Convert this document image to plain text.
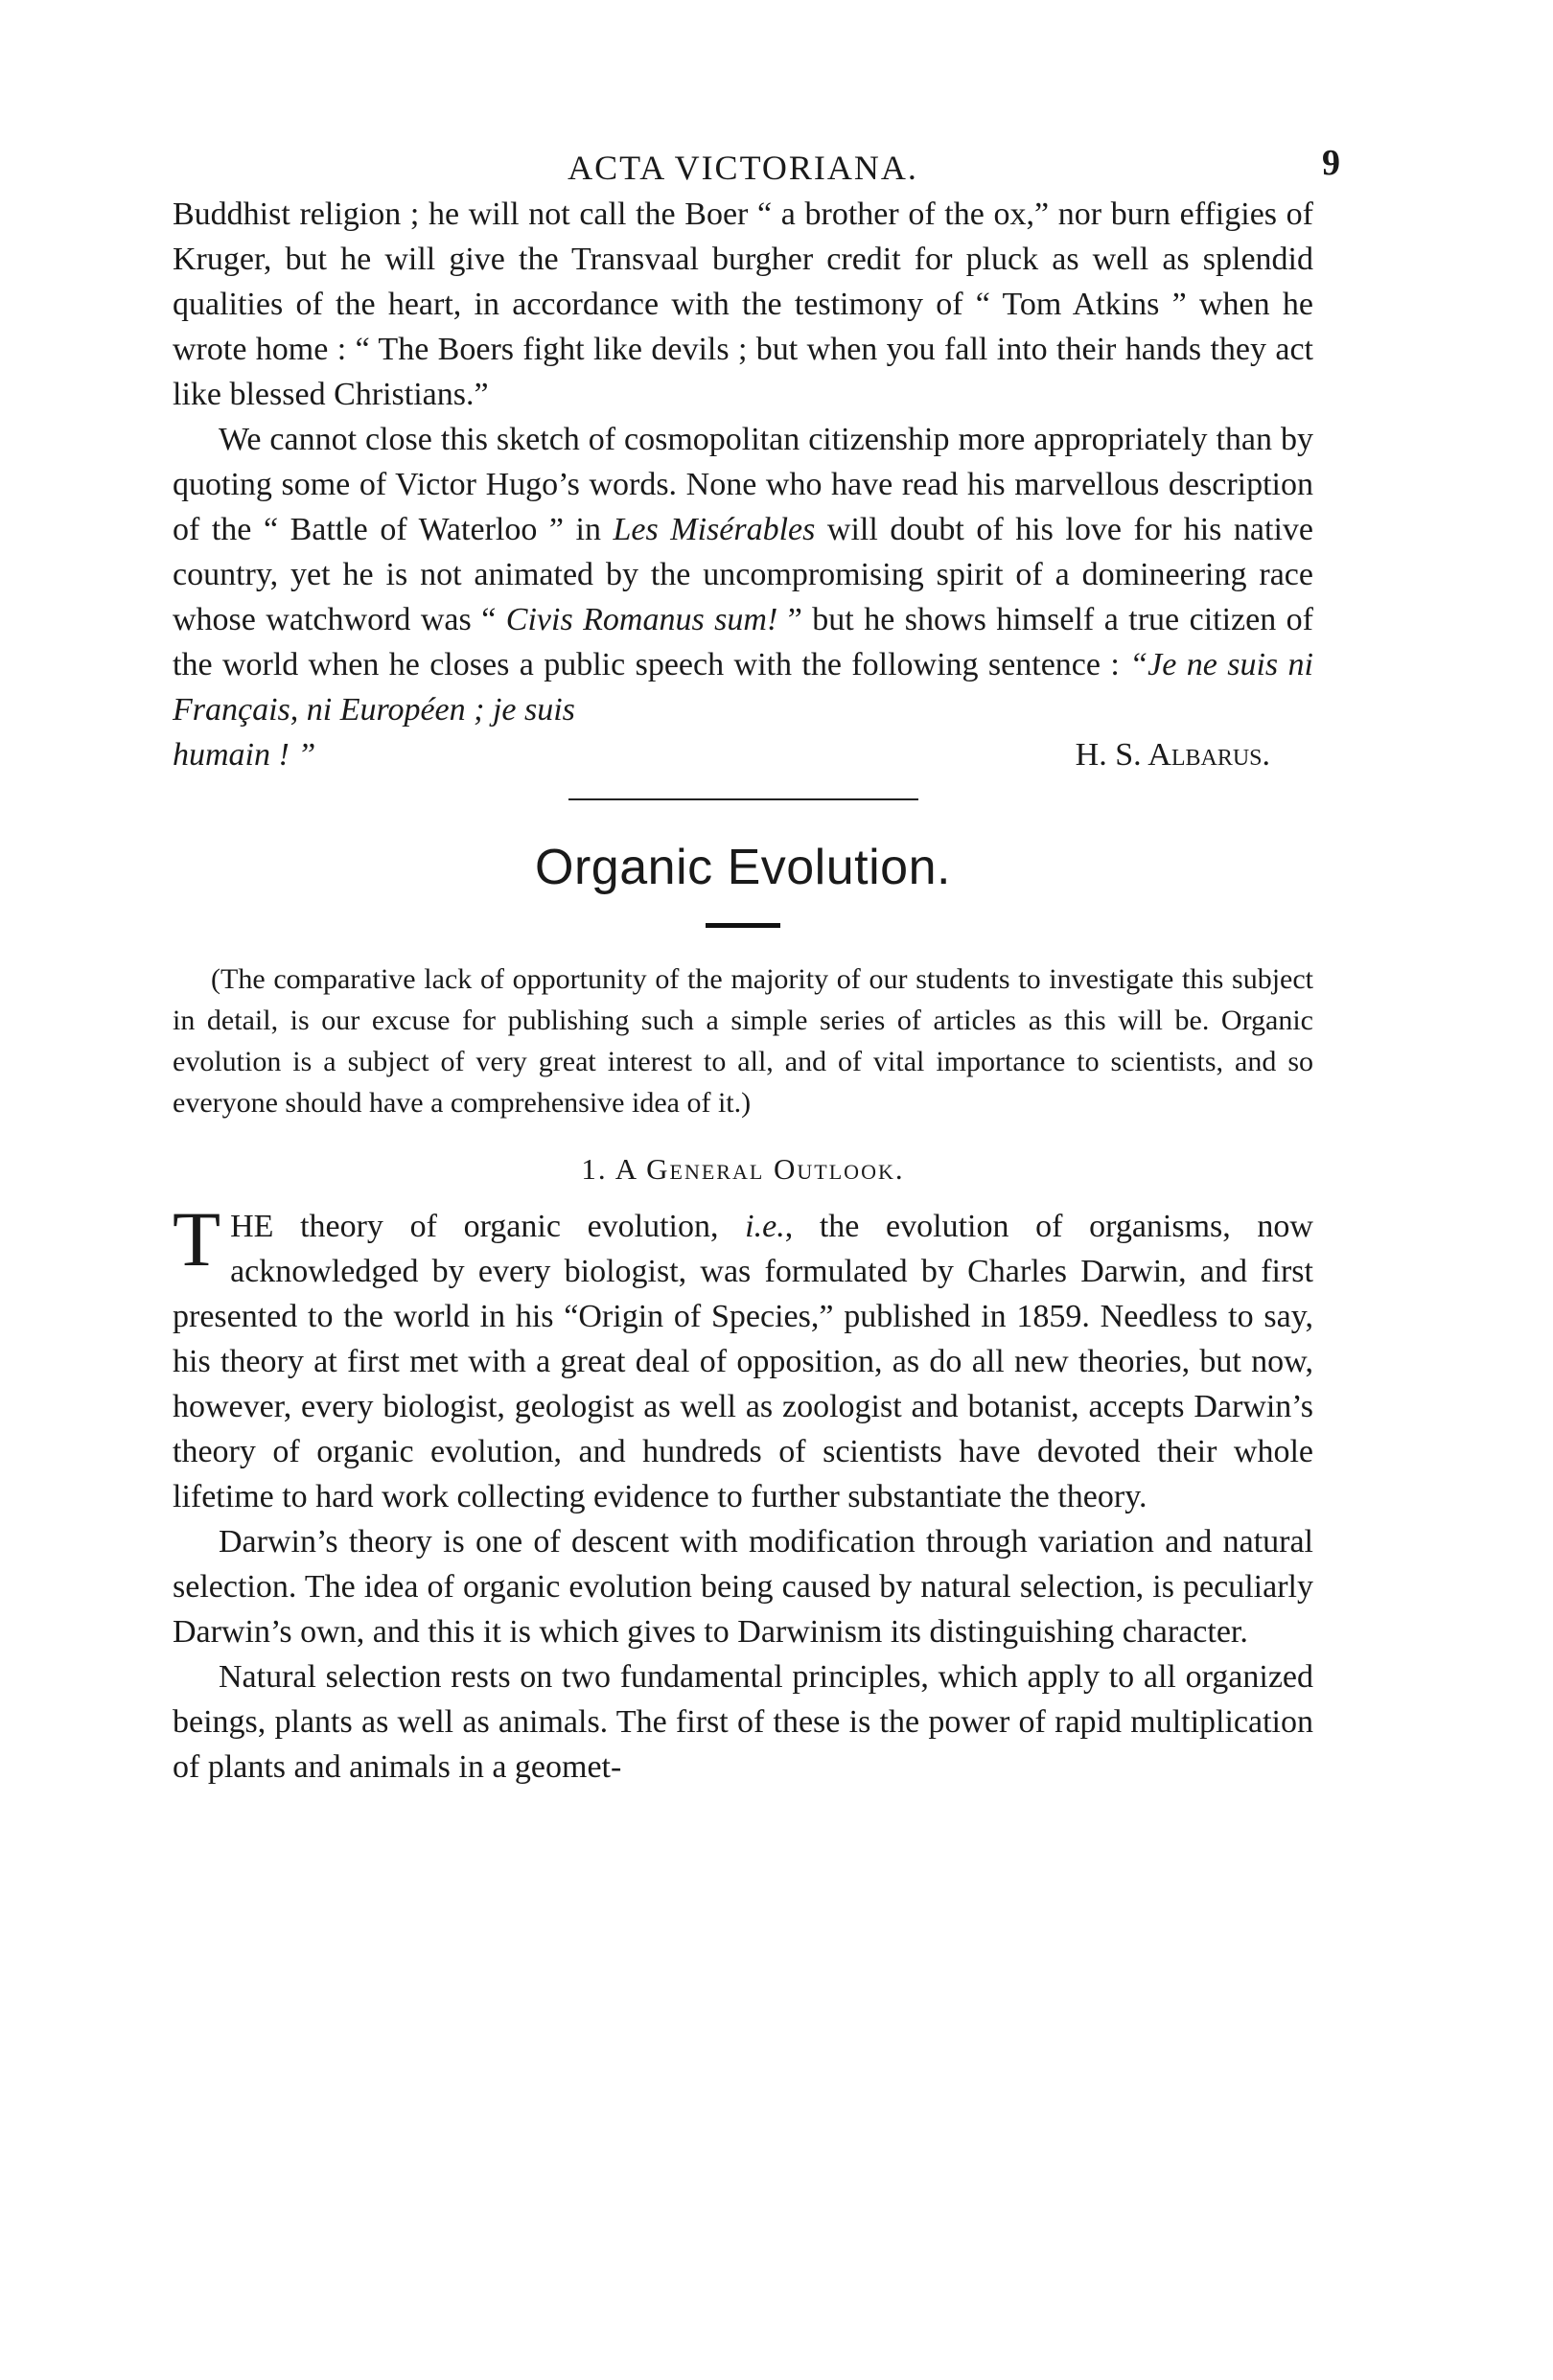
ACTA VICTORIANA.	9

Buddhist religion ; he will not call the Boer “ a brother of the ox,” nor burn effigies of Kruger, but he will give the Transvaal burgher credit for pluck as well as splendid qualities of the heart, in accordance with the testimony of “ Tom Atkins ” when he wrote home : “ The Boers fight like devils ; but when you fall into their hands they act like blessed Christians.”

We cannot close this sketch of cosmopolitan citizenship more appropriately than by quoting some of Victor Hugo’s words. None who have read his marvellous description of the “ Battle of Waterloo ” in Les Misérables will doubt of his love for his native country, yet he is not animated by the uncompromising spirit of a domineering race whose watchword was “ Civis Romanus sum! ” but he shows himself a true citizen of the world when he closes a public speech with the following sentence : “Je ne suis ni Français, ni Européen ; je suis

humain ! ”	H. S. Albarus.
Organic Evolution.

(The comparative lack of opportunity of the majority of our students to investigate this subject in detail, is our excuse for publishing such a simple series of articles as this will be. Organic evolution is a subject of very great interest to all, and of vital importance to scientists, and so everyone should have a comprehensive idea of it.)

1. A General Outlook.

THE theory of organic evolution, i.e., the evolution of organisms, now acknowledged by every biologist, was formulated by Charles Darwin, and first presented to the world in his “Origin of Species,” published in 1859. Needless to say, his theory at first met with a great deal of opposition, as do all new theories, but now, however, every biologist, geologist as well as zoologist and botanist, accepts Darwin’s theory of organic evolution, and hundreds of scientists have devoted their whole lifetime to hard work collecting evidence to further substantiate the theory.

Darwin’s theory is one of descent with modification through variation and natural selection. The idea of organic evolution being caused by natural selection, is peculiarly Darwin’s own, and this it is which gives to Darwinism its distinguishing character.

Natural selection rests on two fundamental principles, which apply to all organized beings, plants as well as animals. The first of these is the power of rapid multiplication of plants and animals in a geomet-
